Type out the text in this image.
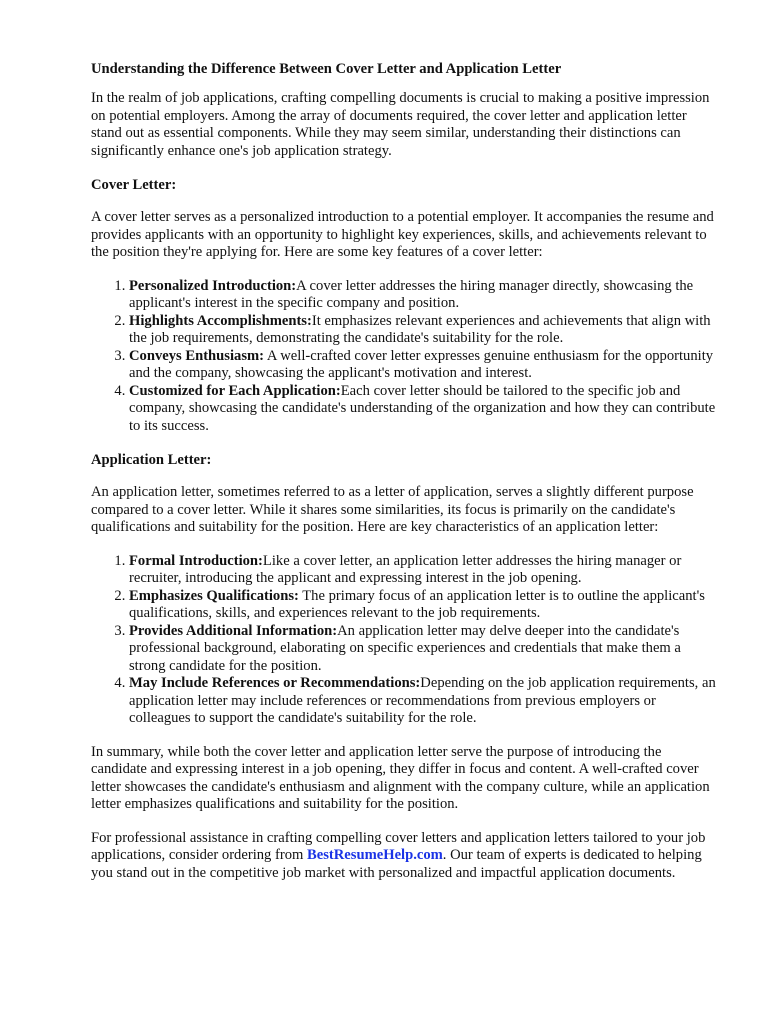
Understanding the Difference Between Cover Letter and Application Letter

In the realm of job applications, crafting compelling documents is crucial to making a positive impression on potential employers. Among the array of documents required, the cover letter and application letter stand out as essential components. While they may seem similar, understanding their distinctions can significantly enhance one's job application strategy.

Cover Letter:

A cover letter serves as a personalized introduction to a potential employer. It accompanies the resume and provides applicants with an opportunity to highlight key experiences, skills, and achievements relevant to the position they're applying for. Here are some key features of a cover letter:

1. Personalized Introduction:A cover letter addresses the hiring manager directly, showcasing the applicant's interest in the specific company and position.
2. Highlights Accomplishments:It emphasizes relevant experiences and achievements that align with the job requirements, demonstrating the candidate's suitability for the role.
3. Conveys Enthusiasm: A well-crafted cover letter expresses genuine enthusiasm for the opportunity and the company, showcasing the applicant's motivation and interest.
4. Customized for Each Application:Each cover letter should be tailored to the specific job and company, showcasing the candidate's understanding of the organization and how they can contribute to its success.
Application Letter:

An application letter, sometimes referred to as a letter of application, serves a slightly different purpose compared to a cover letter. While it shares some similarities, its focus is primarily on the candidate's qualifications and suitability for the position. Here are key characteristics of an application letter:

1. Formal Introduction:Like a cover letter, an application letter addresses the hiring manager or recruiter, introducing the applicant and expressing interest in the job opening.
2. Emphasizes Qualifications: The primary focus of an application letter is to outline the applicant's qualifications, skills, and experiences relevant to the job requirements.
3. Provides Additional Information:An application letter may delve deeper into the candidate's professional background, elaborating on specific experiences and credentials that make them a strong candidate for the position.
4. May Include References or Recommendations:Depending on the job application requirements, an application letter may include references or recommendations from previous employers or colleagues to support the candidate's suitability for the role.

In summary, while both the cover letter and application letter serve the purpose of introducing the candidate and expressing interest in a job opening, they differ in focus and content. A well-crafted cover letter showcases the candidate's enthusiasm and alignment with the company culture, while an application letter emphasizes qualifications and suitability for the position.

For professional assistance in crafting compelling cover letters and application letters tailored to your job applications, consider ordering from BestResumeHelp.com. Our team of experts is dedicated to helping you stand out in the competitive job market with personalized and impactful application documents.
